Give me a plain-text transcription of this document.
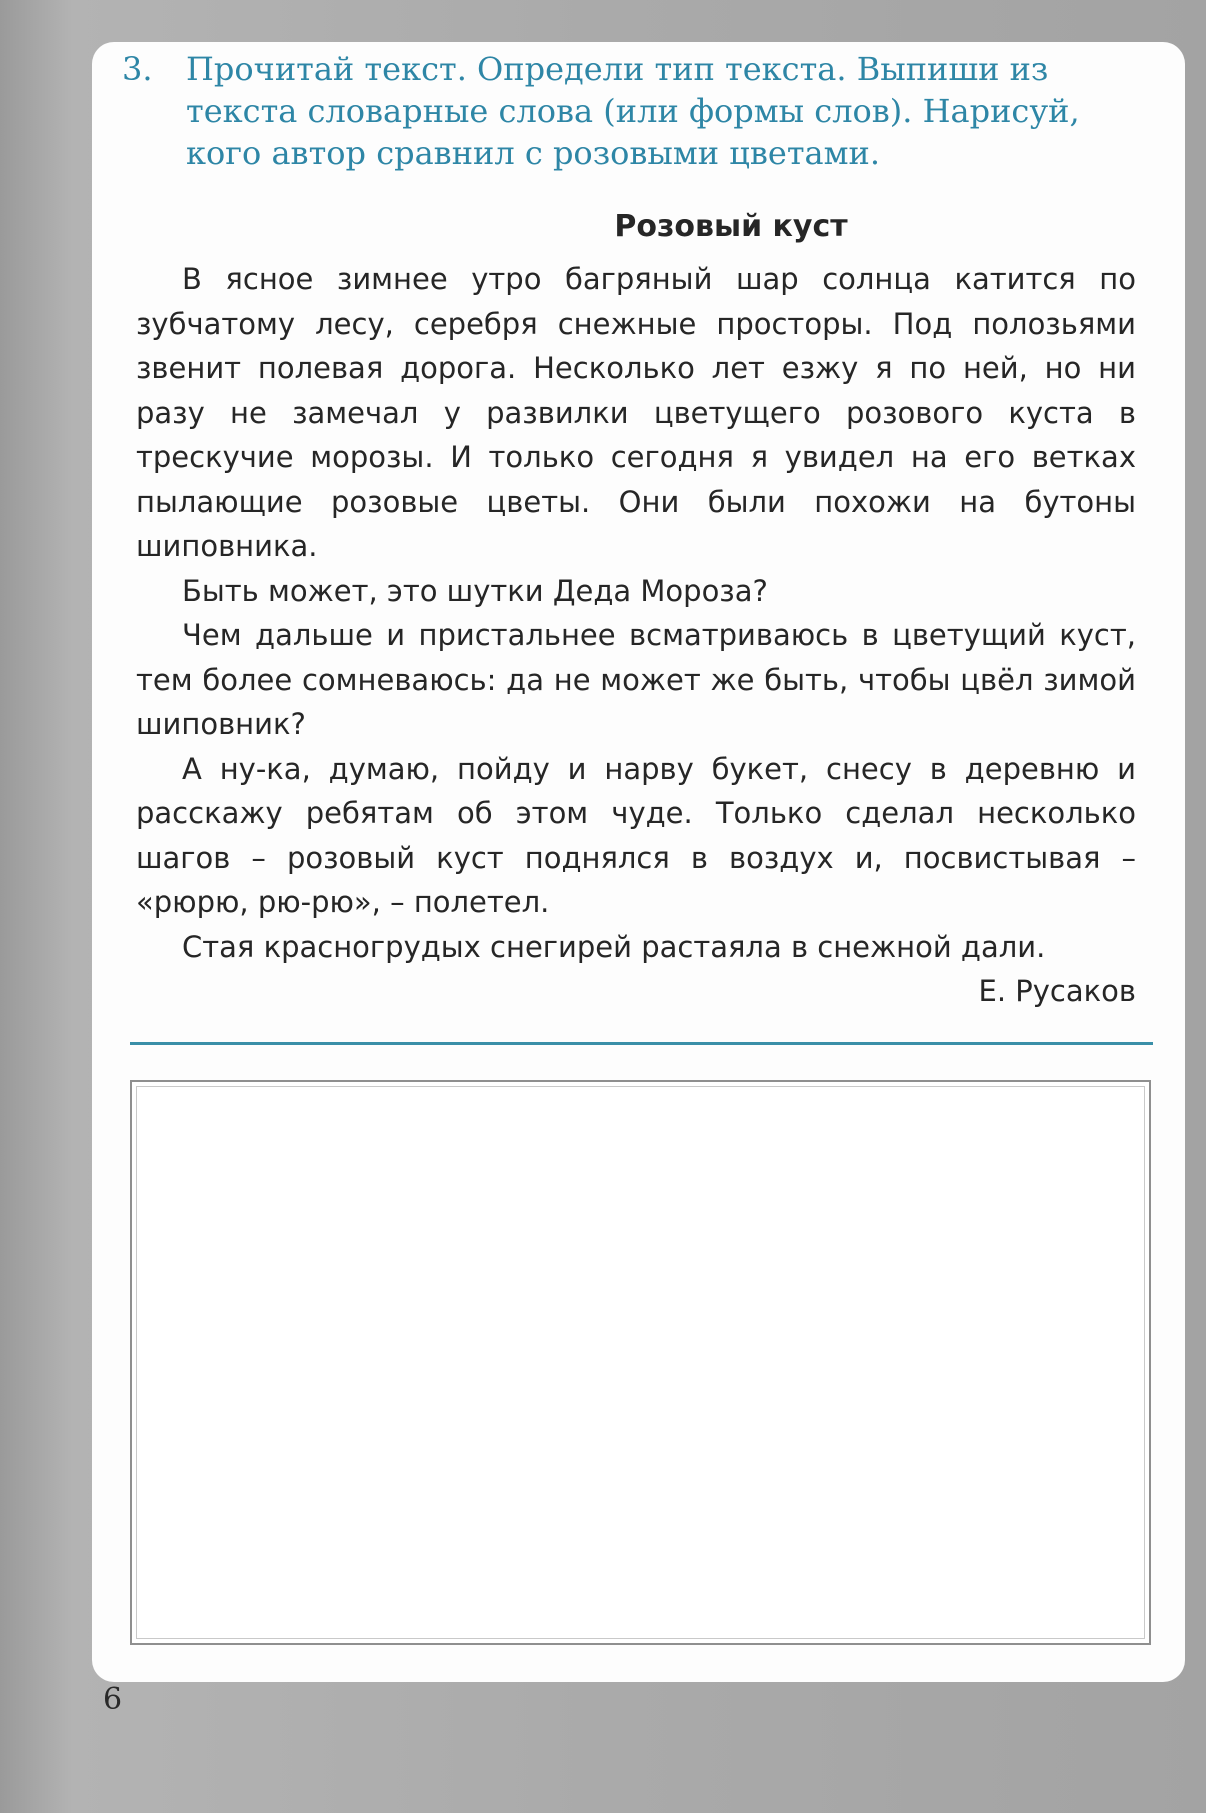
3. Прочитай текст. Определи тип текста. Выпиши из текста словарные слова (или формы слов). Нарисуй, кого автор сравнил с розовыми цветами.
Розовый куст

В ясное зимнее утро багряный шар солнца катится по зубчатому лесу, серебря снежные просторы. Под полозьями звенит полевая дорога. Несколько лет езжу я по ней, но ни разу не замечал у развилки цветущего розового куста в трескучие морозы. И только сегодня я увидел на его ветках пылающие розовые цветы. Они были похожи на бутоны шиповника.

Быть может, это шутки Деда Мороза?

Чем дальше и пристальнее всматриваюсь в цветущий куст, тем более сомневаюсь: да не может же быть, чтобы цвёл зимой шиповник?

А ну-ка, думаю, пойду и нарву букет, снесу в деревню и расскажу ребятам об этом чуде. Только сделал несколько шагов – розовый куст поднялся в воздух и, посвистывая – «рюрю, рю-рю», – полетел.

Стая красногрудых снегирей растаяла в снежной дали.

Е. Русаков

6
